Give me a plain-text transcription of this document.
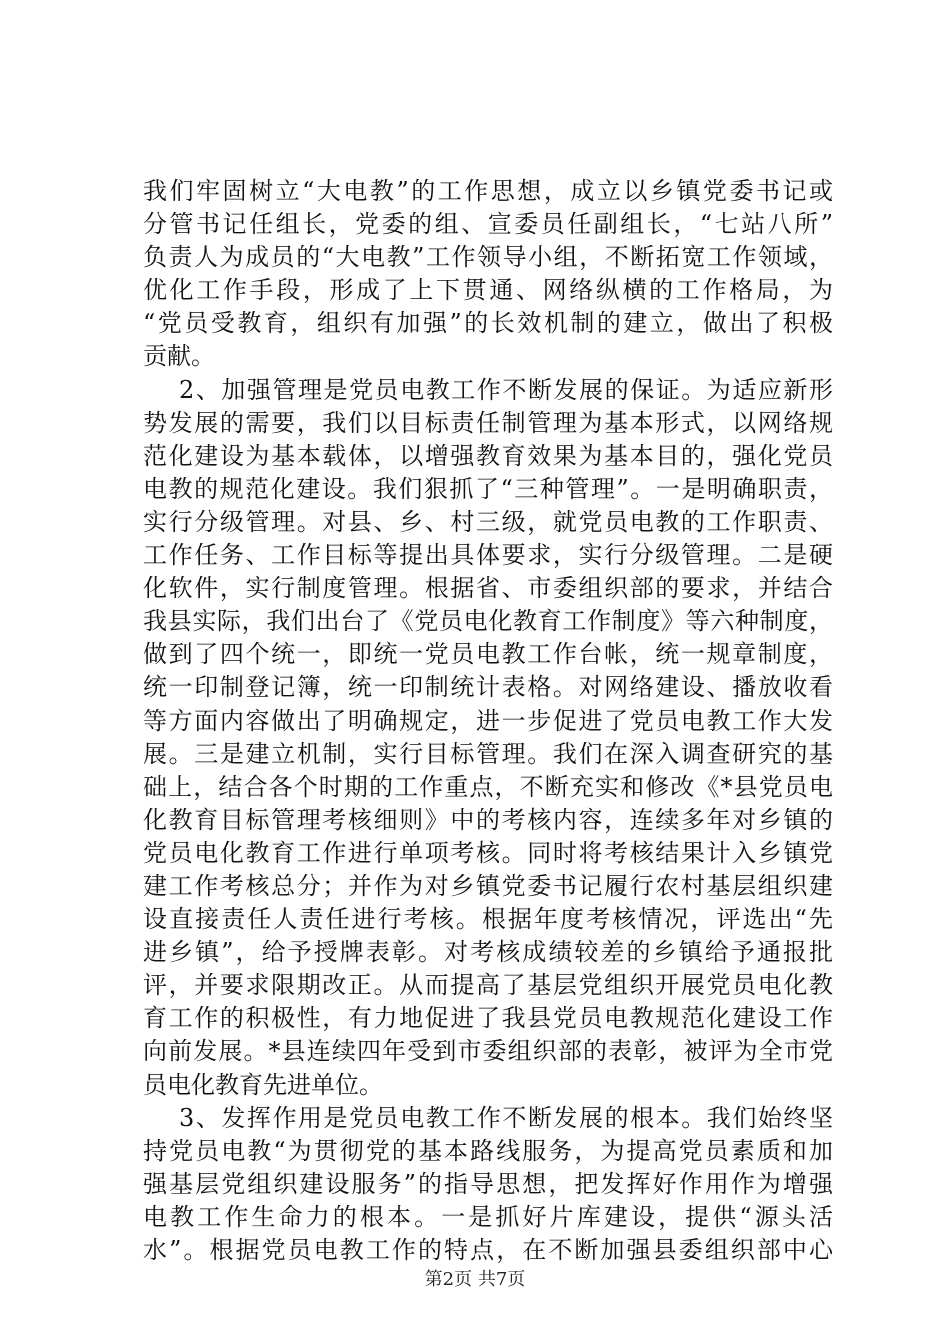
我们牢固树立“大电教”的工作思想，成立以乡镇党委书记或
分管书记任组长，党委的组、宣委员任副组长，“七站八所”
负责人为成员的“大电教”工作领导小组，不断拓宽工作领域，
优化工作手段，形成了上下贯通、网络纵横的工作格局，为
“党员受教育，组织有加强”的长效机制的建立，做出了积极
贡献。
2、加强管理是党员电教工作不断发展的保证。为适应新形
势发展的需要，我们以目标责任制管理为基本形式，以网络规
范化建设为基本载体，以增强教育效果为基本目的，强化党员
电教的规范化建设。我们狠抓了“三种管理”。一是明确职责，
实行分级管理。对县、乡、村三级，就党员电教的工作职责、
工作任务、工作目标等提出具体要求，实行分级管理。二是硬
化软件，实行制度管理。根据省、市委组织部的要求，并结合
我县实际，我们出台了《党员电化教育工作制度》等六种制度，
做到了四个统一，即统一党员电教工作台帐，统一规章制度，
统一印制登记簿，统一印制统计表格。对网络建设、播放收看
等方面内容做出了明确规定，进一步促进了党员电教工作大发
展。三是建立机制，实行目标管理。我们在深入调查研究的基
础上，结合各个时期的工作重点，不断充实和修改《*县党员电
化教育目标管理考核细则》中的考核内容，连续多年对乡镇的
党员电化教育工作进行单项考核。同时将考核结果计入乡镇党
建工作考核总分；并作为对乡镇党委书记履行农村基层组织建
设直接责任人责任进行考核。根据年度考核情况，评选出“先
进乡镇”，给予授牌表彰。对考核成绩较差的乡镇给予通报批
评，并要求限期改正。从而提高了基层党组织开展党员电化教
育工作的积极性，有力地促进了我县党员电教规范化建设工作
向前发展。*县连续四年受到市委组织部的表彰，被评为全市党
员电化教育先进单位。
3、发挥作用是党员电教工作不断发展的根本。我们始终坚
持党员电教“为贯彻党的基本路线服务，为提高党员素质和加
强基层党组织建设服务”的指导思想，把发挥好作用作为增强
电教工作生命力的根本。一是抓好片库建设，提供“源头活
水”。根据党员电教工作的特点，在不断加强县委组织部中心
第2页 共7页
